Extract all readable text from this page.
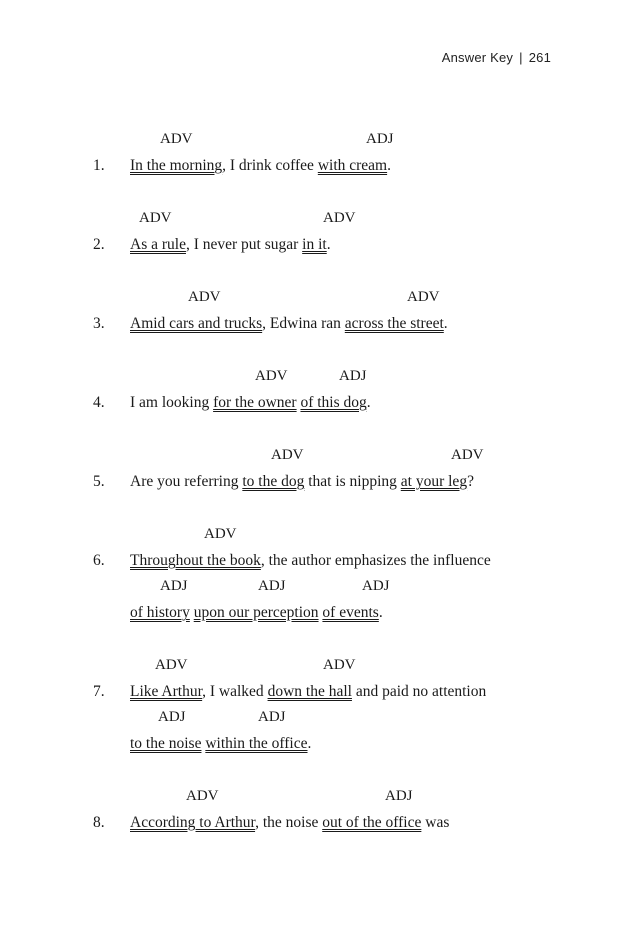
Answer Key | 261
ADV	ADJ
1. In the morning, I drink coffee with cream.
ADV	ADV
2. As a rule, I never put sugar in it.
ADV	ADV
3. Amid cars and trucks, Edwina ran across the street.
ADV	ADJ
4. I am looking for the owner of this dog.
ADV	ADV
5. Are you referring to the dog that is nipping at your leg?
ADV
6. Throughout the book, the author emphasizes the influence
ADJ	ADJ	ADJ
of history upon our perception of events.
ADV	ADV
7. Like Arthur, I walked down the hall and paid no attention
ADJ	ADJ
to the noise within the office.
ADV	ADJ
8. According to Arthur, the noise out of the office was
